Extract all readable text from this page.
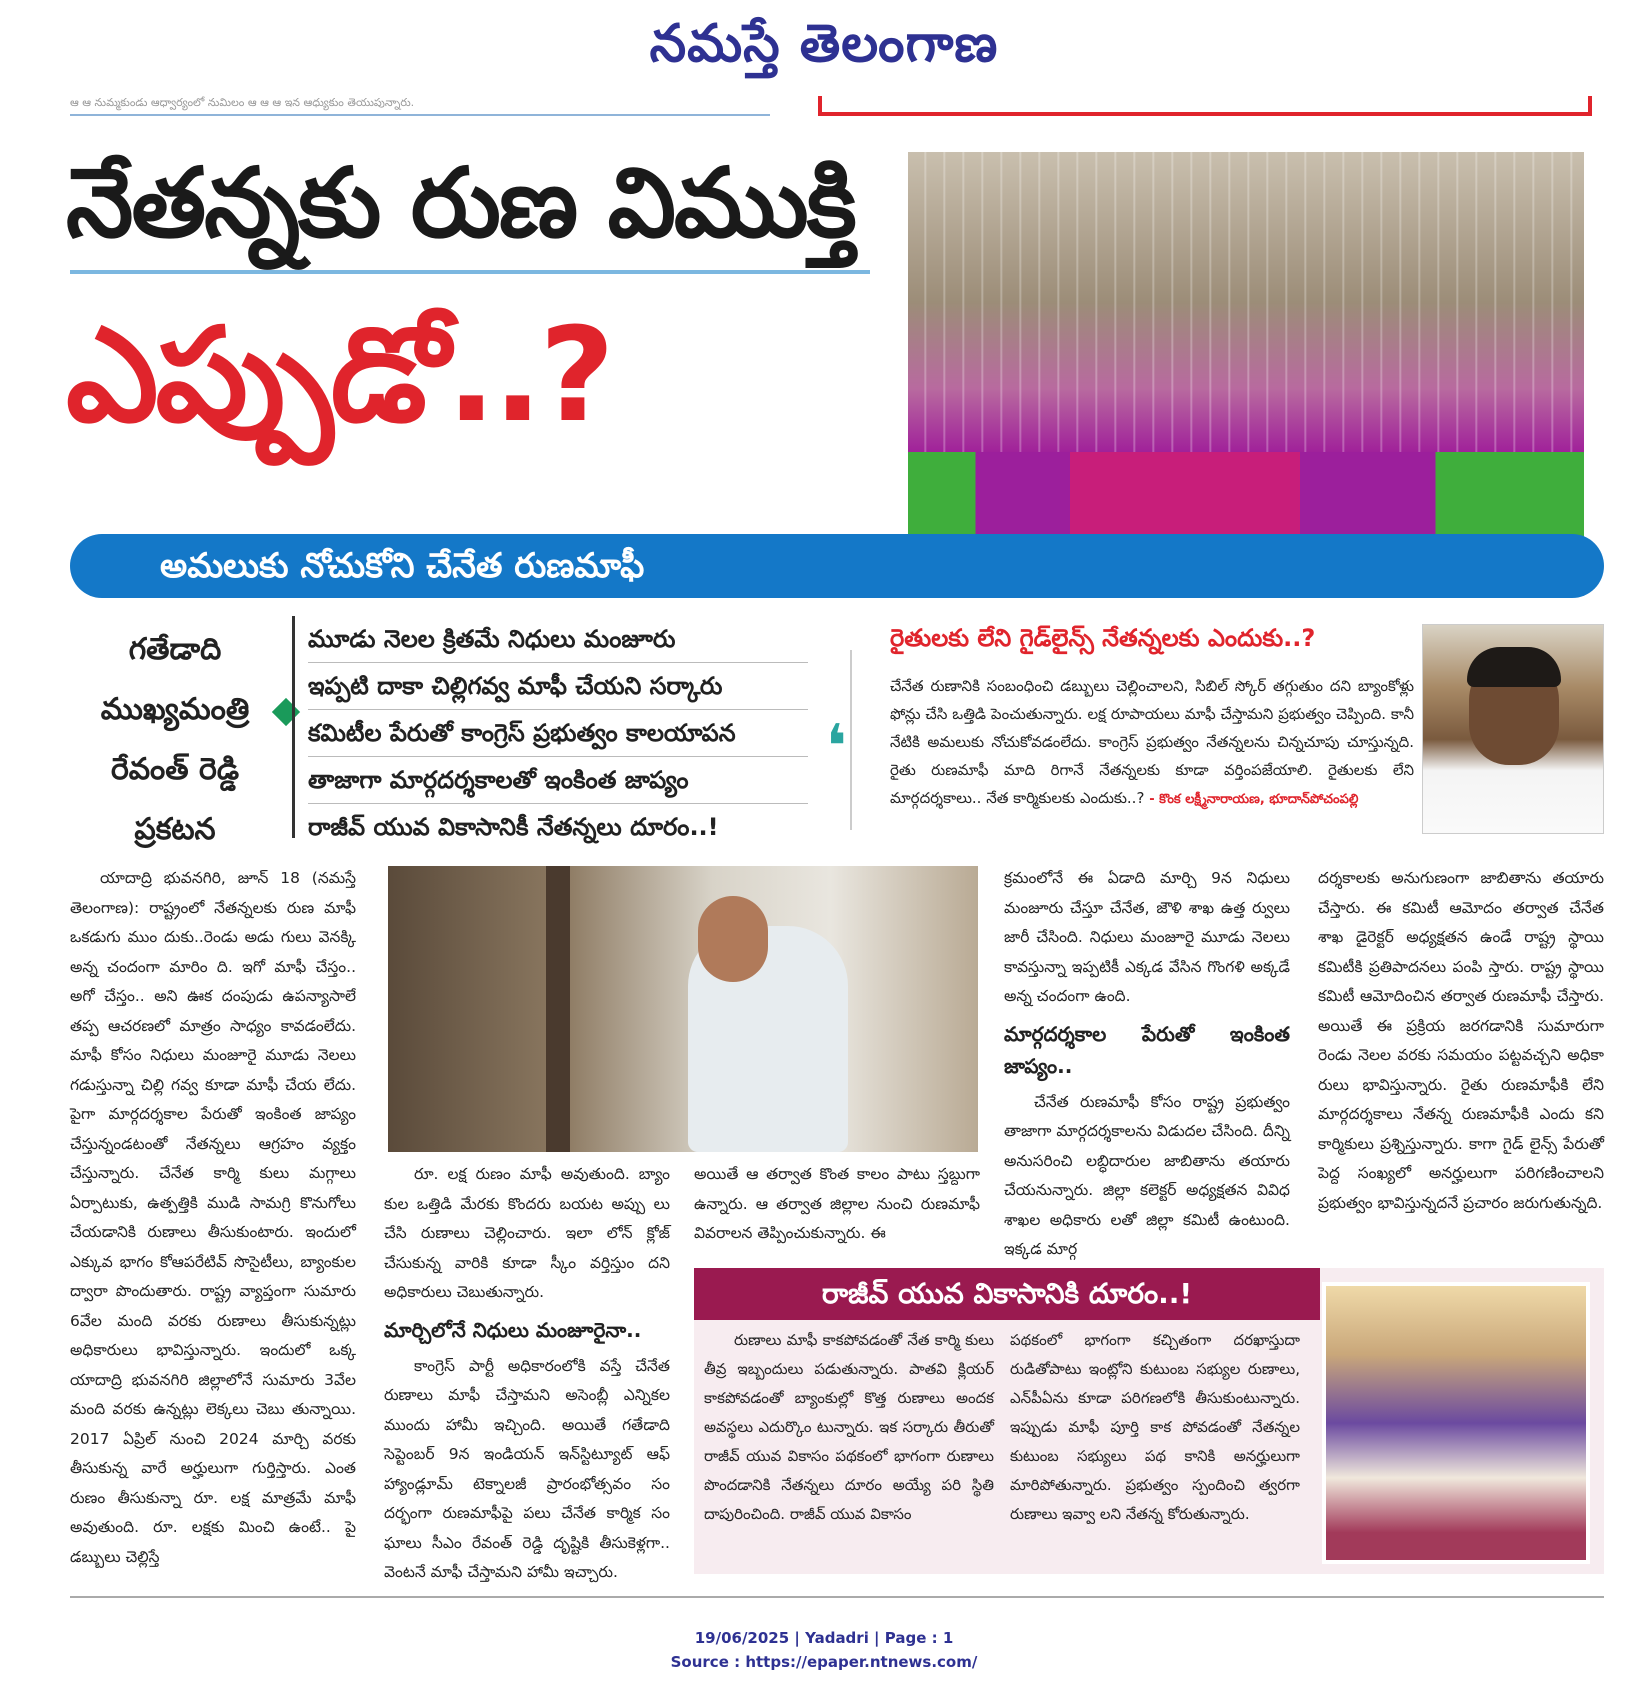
నమస్తే తెలంగాణ
ఆ ఆ నుమ్మకుండు ఆధ్వార్యంలో నుమిలం ఆ ఆ ఆ ఇన ఆధ్యుకుం తెయుపున్నారు.
నేతన్నకు రుణ విముక్తి
ఎప్పుడో..?
అమలుకు నోచుకోని చేనేత రుణమాఫీ
గతేడాది
ముఖ్యమంత్రి
రేవంత్ రెడ్డి
ప్రకటన
మూడు నెలల క్రితమే నిధులు మంజూరు
ఇప్పటి దాకా చిల్లిగవ్వ మాఫీ చేయని సర్కారు
కమిటీల పేరుతో కాంగ్రెస్ ప్రభుత్వం కాలయాపన
తాజాగా మార్గదర్శకాలతో ఇంకింత జాప్యం
రాజీవ్ యువ వికాసానికీ నేతన్నలు దూరం..!
❛
రైతులకు లేని గైడ్‌లైన్స్ నేతన్నలకు ఎందుకు..?
చేనేత రుణానికి సంబంధించి డబ్బులు చెల్లించాలని, సిబిల్ స్కోర్ తగ్గుతుం దని బ్యాంకోళ్లు ఫోన్లు చేసి ఒత్తిడి పెంచుతున్నారు. లక్ష రూపాయలు మాఫీ చేస్తామని ప్రభుత్వం చెప్పింది. కానీ నేటికి అమలుకు నోచుకోవడంలేదు. కాంగ్రెస్ ప్రభుత్వం నేతన్నలను చిన్నచూపు చూస్తున్నది. రైతు రుణమాఫీ మాది రిగానే నేతన్నలకు కూడా వర్తింపజేయాలి. రైతులకు లేని మార్గదర్శకాలు.. నేత కార్మికులకు ఎందుకు..? - కొంక లక్ష్మీనారాయణ, భూదాన్‌పోచంపల్లి

యాదాద్రి భువనగిరి, జూన్ 18 (నమస్తే తెలంగాణ): రాష్ట్రంలో నేతన్నలకు రుణ మాఫీ ఒకడుగు ముం దుకు..రెండు అడు గులు వెనక్కి అన్న చందంగా మారిం ది. ఇగో మాఫీ చేస్తం.. అగో చేస్తం.. అని ఊక దంపుడు ఉపన్యాసాలే తప్ప ఆచరణలో మాత్రం సాధ్యం కావడంలేదు. మాఫీ కోసం నిధులు మంజూరై మూడు నెలలు గడుస్తున్నా చిల్లి గవ్వ కూడా మాఫీ చేయ లేదు. పైగా మార్గదర్శకాల పేరుతో ఇంకింత జాప్యం చేస్తున్నండటంతో నేతన్నలు ఆగ్రహం వ్యక్తం చేస్తున్నారు. చేనేత కార్మి కులు మగ్గాలు ఏర్పాటుకు, ఉత్పత్తికి ముడి సామగ్రి కొనుగోలు చేయడానికి రుణాలు తీసుకుంటారు. ఇందులో ఎక్కువ భాగం కోఆపరేటివ్ సొసైటీలు, బ్యాంకుల ద్వారా పొందుతారు. రాష్ట్ర వ్యాప్తంగా సుమారు 6వేల మంది వరకు రుణాలు తీసుకున్నట్లు అధికారులు భావిస్తున్నారు. ఇందులో ఒక్క యాదాద్రి భువనగిరి జిల్లాలోనే సుమారు 3వేల మంది వరకు ఉన్నట్లు లెక్కలు చెబు తున్నాయి. 2017 ఏప్రిల్ నుంచి 2024 మార్చి వరకు తీసుకున్న వారే అర్హులుగా గుర్తిస్తారు. ఎంత రుణం తీసుకున్నా రూ. లక్ష మాత్రమే మాఫీ అవుతుంది. రూ. లక్షకు మించి ఉంటే.. పై డబ్బులు చెల్లిస్తే

రూ. లక్ష రుణం మాఫీ అవుతుంది. బ్యాం కుల ఒత్తిడి మేరకు కొందరు బయట అప్పు లు చేసి రుణాలు చెల్లించారు. ఇలా లోన్ క్లోజ్ చేసుకున్న వారికి కూడా స్కీం వర్తిస్తుం దని అధికారులు చెబుతున్నారు.

మార్చిలోనే నిధులు మంజూరైనా..

కాంగ్రెస్ పార్టీ అధికారంలోకి వస్తే చేనేత రుణాలు మాఫీ చేస్తామని అసెంబ్లీ ఎన్నికల ముందు హామీ ఇచ్చింది. అయితే గతేడాది సెప్టెంబర్ 9న ఇండియన్ ఇన్‌స్టిట్యూట్ ఆఫ్ హ్యాండ్లూమ్ టెక్నాలజీ ప్రారంభోత్సవం సం దర్భంగా రుణమాఫీపై పలు చేనేత కార్మిక సం ఘాలు సీఎం రేవంత్ రెడ్డి దృష్టికి తీసుకెళ్లగా.. వెంటనే మాఫీ చేస్తామని హామీ ఇచ్చారు.

అయితే ఆ తర్వాత కొంత కాలం పాటు స్తబ్దుగా ఉన్నారు. ఆ తర్వాత జిల్లాల నుంచి రుణమాఫీ వివరాలన తెప్పించుకున్నారు. ఈ

క్రమంలోనే ఈ ఏడాది మార్చి 9న నిధులు మంజూరు చేస్తూ చేనేత, జౌళి శాఖ ఉత్త ర్వులు జారీ చేసింది. నిధులు మంజూరై మూడు నెలలు కావస్తున్నా ఇప్పటికీ ఎక్కడ వేసిన గొంగళి అక్కడే అన్న చందంగా ఉంది.

మార్గదర్శకాల పేరుతో ఇంకింత జాప్యం..

చేనేత రుణమాఫీ కోసం రాష్ట్ర ప్రభుత్వం తాజాగా మార్గదర్శకాలను విడుదల చేసింది. దీన్ని అనుసరించి లబ్ధిదారుల జాబితాను తయారు చేయనున్నారు. జిల్లా కలెక్టర్ అధ్యక్షతన వివిధ శాఖల అధికారు లతో జిల్లా కమిటీ ఉంటుంది. ఇక్కడ మార్గ

దర్శకాలకు అనుగుణంగా జాబితాను తయారు చేస్తారు. ఈ కమిటీ ఆమోదం తర్వాత చేనేత శాఖ డైరెక్టర్ అధ్యక్షతన ఉండే రాష్ట్ర స్థాయి కమిటీకి ప్రతిపాదనలు పంపి స్తారు. రాష్ట్ర స్థాయి కమిటీ ఆమోదించిన తర్వాత రుణమాఫీ చేస్తారు. అయితే ఈ ప్రక్రియ జరగడానికి సుమారుగా రెండు నెలల వరకు సమయం పట్టవచ్చని అధికా రులు భావిస్తున్నారు. రైతు రుణమాఫీకి లేని మార్గదర్శకాలు నేతన్న రుణమాఫీకి ఎందు కని కార్మికులు ప్రశ్నిస్తున్నారు. కాగా గైడ్ లైన్స్ పేరుతో పెద్ద సంఖ్యలో అనర్హులుగా పరిగణించాలని ప్రభుత్వం భావిస్తున్నదనే ప్రచారం జరుగుతున్నది.

రాజీవ్ యువ వికాసానికి దూరం..!

రుణాలు మాఫీ కాకపోవడంతో నేత కార్మి కులు తీవ్ర ఇబ్బందులు పడుతున్నారు. పాతవి క్లియర్ కాకపోవడంతో బ్యాంకుల్లో కొత్త రుణాలు అందక అవస్థలు ఎదుర్కొం టున్నారు. ఇక సర్కారు తీరుతో రాజీవ్ యువ వికాసం పథకంలో భాగంగా రుణాలు పొందడానికి నేతన్నలు దూరం అయ్యే పరి స్థితి దాపురించింది. రాజీవ్ యువ వికాసం

పథకంలో భాగంగా కచ్చితంగా దరఖాస్తుదా రుడితోపాటు ఇంట్లోని కుటుంబ సభ్యుల రుణాలు, ఎన్‌పీఏను కూడా పరిగణలోకి తీసుకుంటున్నారు. ఇప్పుడు మాఫీ పూర్తి కాక పోవడంతో నేతన్నల కుటుంబ సభ్యులు పథ కానికి అనర్హులుగా మారిపోతున్నారు. ప్రభుత్వం స్పందించి త్వరగా రుణాలు ఇవ్వా లని నేతన్న కోరుతున్నారు.

19/06/2025 | Yadadri | Page : 1
Source : https://epaper.ntnews.com/
